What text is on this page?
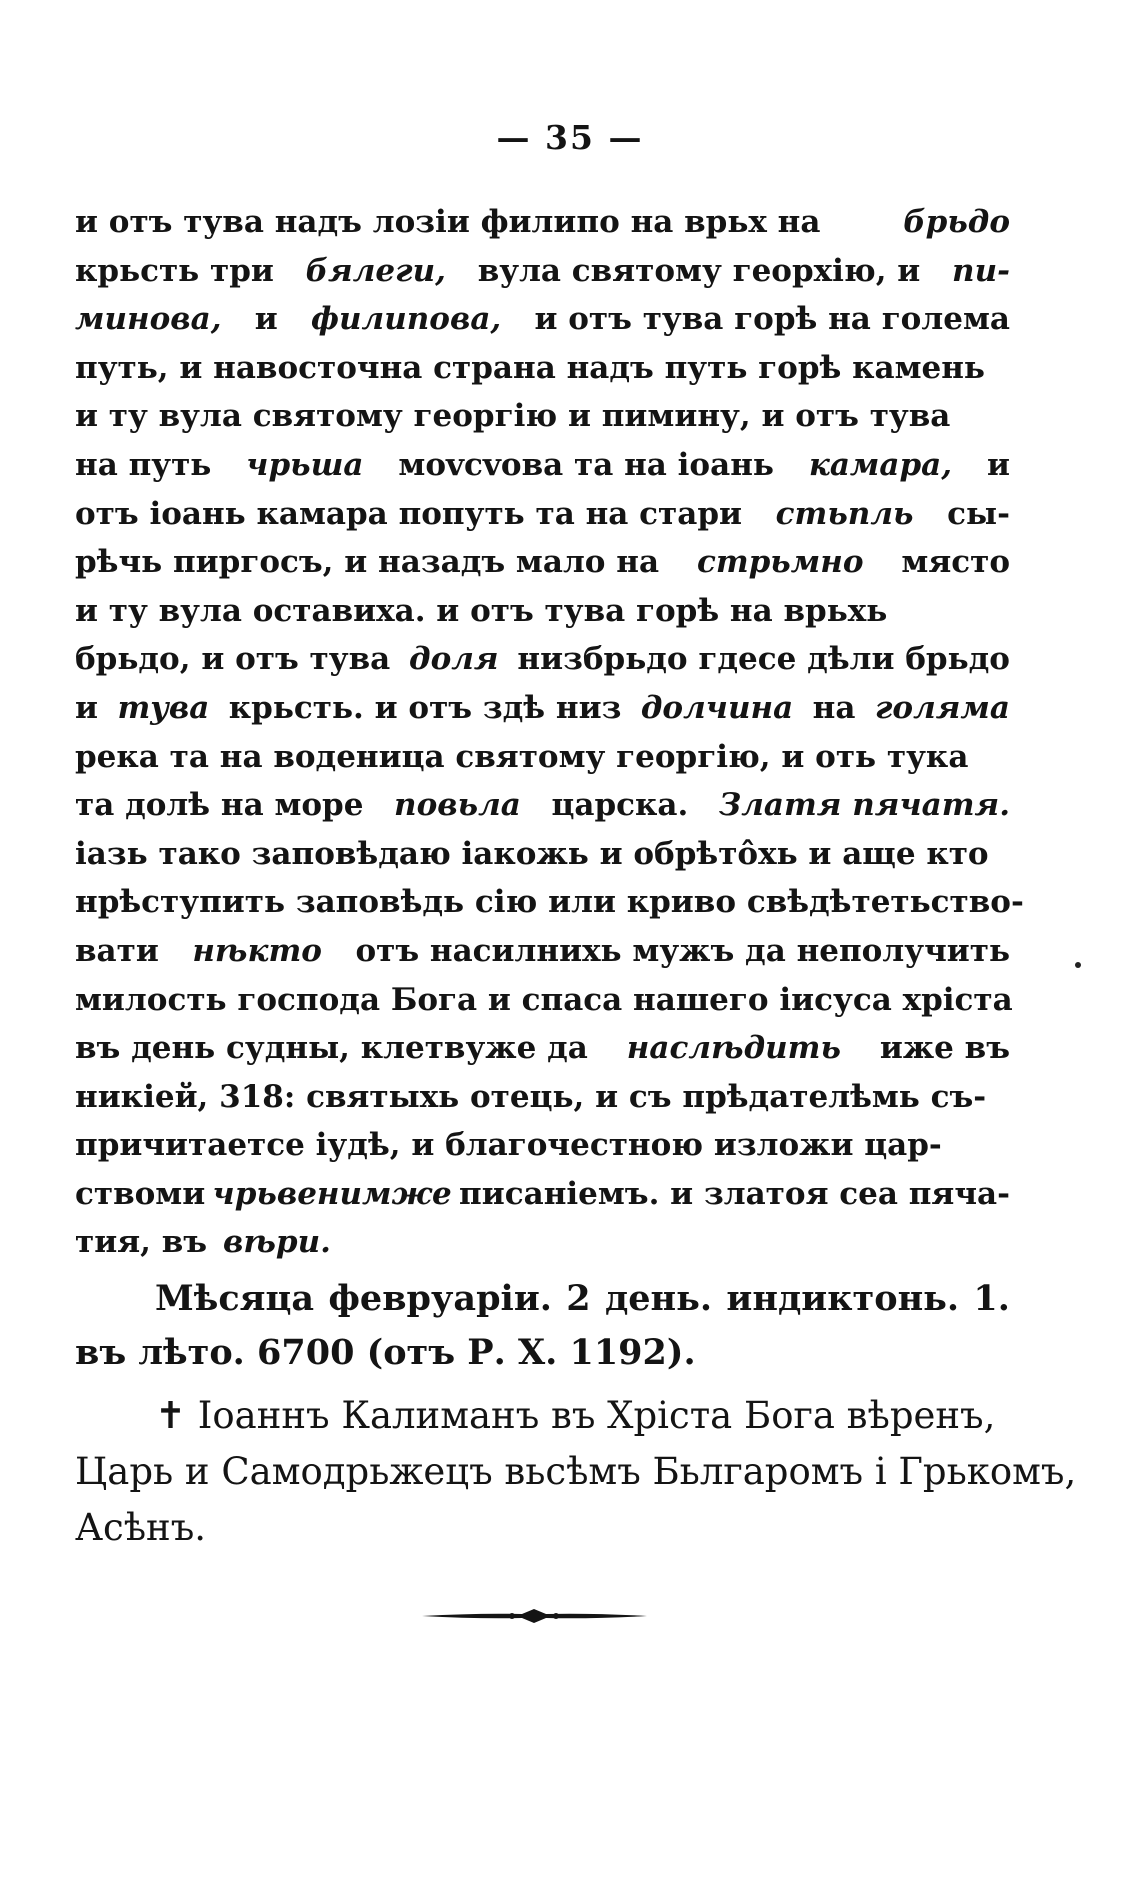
— 35 —
и отъ тува надъ лозіи филипо на врьх на	брьдо
крьсть три бялеги, вула святому георхію, и пи-
минова, и филипова, и отъ тува горѣ на голема
путь, и навосточна страна надъ путь горѣ камень
и ту вула святому георгію и пимину, и отъ тува
на путь чрьша моvсvова та на іоань камара, и
отъ іоань камара попуть та на стари стьпль сы-
рѣчь пиргосъ, и назадъ мало на стрьмно място
и ту вула оставиха. и отъ тува горѣ на врьхь
брьдо, и отъ тува доля низбрьдо гдесе дѣли брьдо
и тува крьсть. и отъ здѣ низ долчина на голяма
река та на воденица святому георгію, и оть тука
та долѣ на море повьла царска. Златя пячатя.
іазь тако заповѣдаю іакожь и обрѣтôхь и аще кто
нрѣступить заповѣдь сію или криво свѣдѣтетьство-
вати нѣкто отъ насилнихь мужъ да неполучить
милость господа Бога и спаса нашего іисуса хріста
въ день судны, клетвуже да наслѣдить иже въ
никіей, 318: святыхь отець, и съ прѣдателѣмь съ-
причитаетсе іудѣ, и благочестною изложи цар-
ствоми чрьвенимже писаніемъ. и златоя сеа пяча-
тия, въ вѣри.
Мѣсяца февруаріи. 2 день. индиктонь. 1.
въ лѣто. 6700 (отъ Р. Х. 1192).
✝ Іоаннъ Калиманъ въ Хріста Бога вѣренъ,
Царь и Самодрьжецъ вьсѣмъ Бьлгаромъ і Грькомъ,
Асѣнъ.
